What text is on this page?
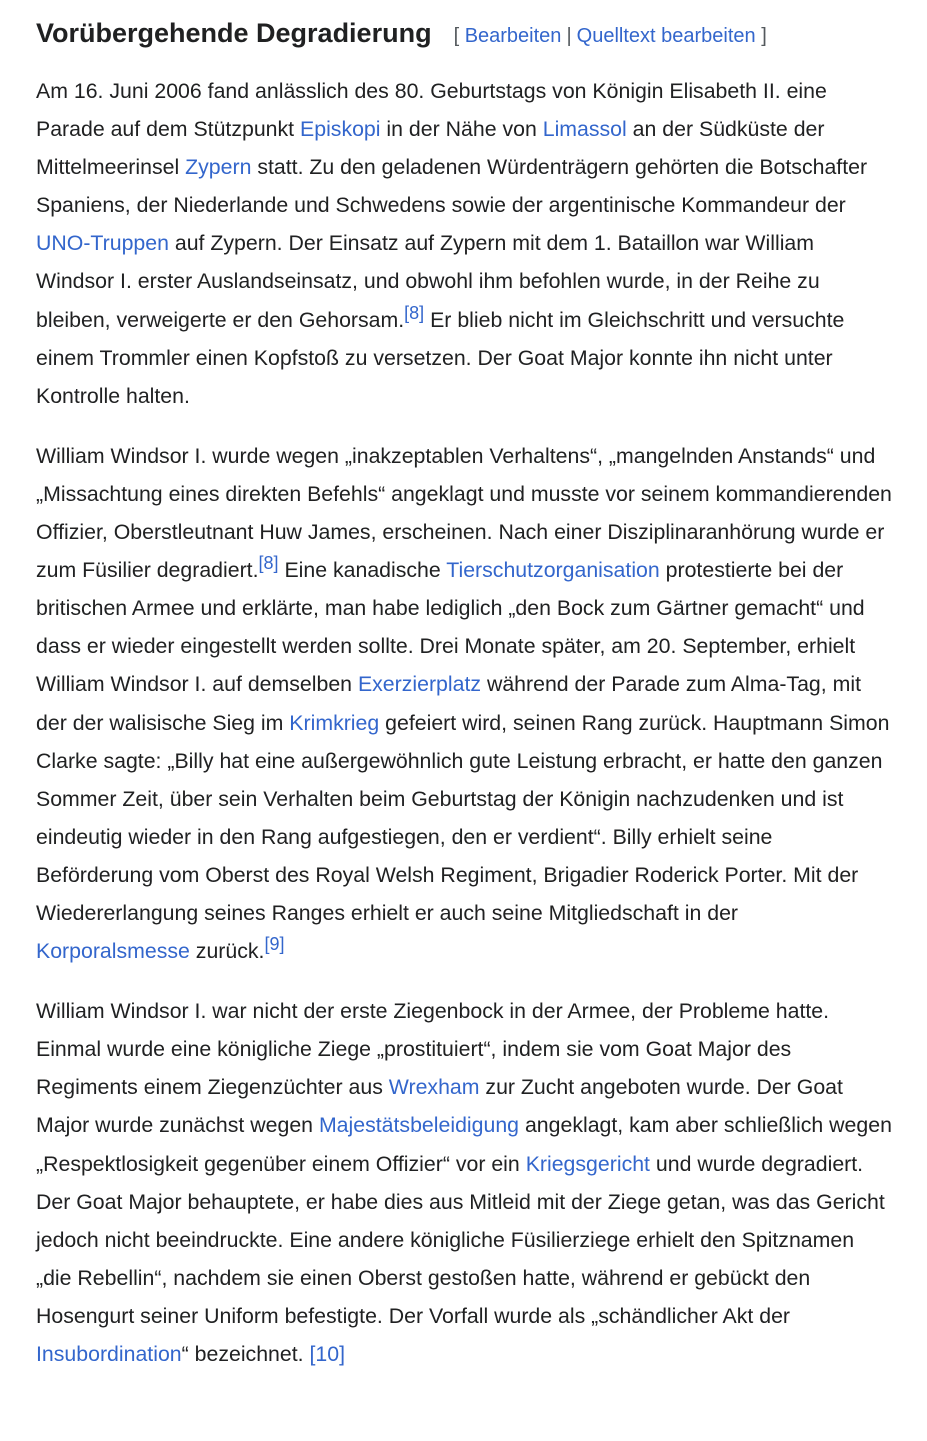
Vorübergehende Degradierung [ Bearbeiten | Quelltext bearbeiten ]

Am 16. Juni 2006 fand anlässlich des 80. Geburtstags von Königin Elisabeth II. eine Parade auf dem Stützpunkt Episkopi in der Nähe von Limassol an der Südküste der Mittelmeerinsel Zypern statt. Zu den geladenen Würdenträgern gehörten die Botschafter Spaniens, der Niederlande und Schwedens sowie der argentinische Kommandeur der UNO-Truppen auf Zypern. Der Einsatz auf Zypern mit dem 1. Bataillon war William Windsor I. erster Auslandseinsatz, und obwohl ihm befohlen wurde, in der Reihe zu bleiben, verweigerte er den Gehorsam.[8] Er blieb nicht im Gleichschritt und versuchte einem Trommler einen Kopfstoß zu versetzen. Der Goat Major konnte ihn nicht unter Kontrolle halten.

William Windsor I. wurde wegen „inakzeptablen Verhaltens“, „mangelnden Anstands“ und „Missachtung eines direkten Befehls“ angeklagt und musste vor seinem kommandierenden Offizier, Oberstleutnant Huw James, erscheinen. Nach einer Disziplinaranhörung wurde er zum Füsilier degradiert.[8] Eine kanadische Tierschutzorganisation protestierte bei der britischen Armee und erklärte, man habe lediglich „den Bock zum Gärtner gemacht“ und dass er wieder eingestellt werden sollte. Drei Monate später, am 20. September, erhielt William Windsor I. auf demselben Exerzierplatz während der Parade zum Alma-Tag, mit der der walisische Sieg im Krimkrieg gefeiert wird, seinen Rang zurück. Hauptmann Simon Clarke sagte: „Billy hat eine außergewöhnlich gute Leistung erbracht, er hatte den ganzen Sommer Zeit, über sein Verhalten beim Geburtstag der Königin nachzudenken und ist eindeutig wieder in den Rang aufgestiegen, den er verdient“. Billy erhielt seine Beförderung vom Oberst des Royal Welsh Regiment, Brigadier Roderick Porter. Mit der Wiedererlangung seines Ranges erhielt er auch seine Mitgliedschaft in der Korporalsmesse zurück.[9]

William Windsor I. war nicht der erste Ziegenbock in der Armee, der Probleme hatte. Einmal wurde eine königliche Ziege „prostituiert“, indem sie vom Goat Major des Regiments einem Ziegenzüchter aus Wrexham zur Zucht angeboten wurde. Der Goat Major wurde zunächst wegen Majestätsbeleidigung angeklagt, kam aber schließlich wegen „Respektlosigkeit gegenüber einem Offizier“ vor ein Kriegsgericht und wurde degradiert. Der Goat Major behauptete, er habe dies aus Mitleid mit der Ziege getan, was das Gericht jedoch nicht beeindruckte. Eine andere königliche Füsilierziege erhielt den Spitznamen „die Rebellin“, nachdem sie einen Oberst gestoßen hatte, während er gebückt den Hosengurt seiner Uniform befestigte. Der Vorfall wurde als „schändlicher Akt der Insubordination“ bezeichnet. [10]
